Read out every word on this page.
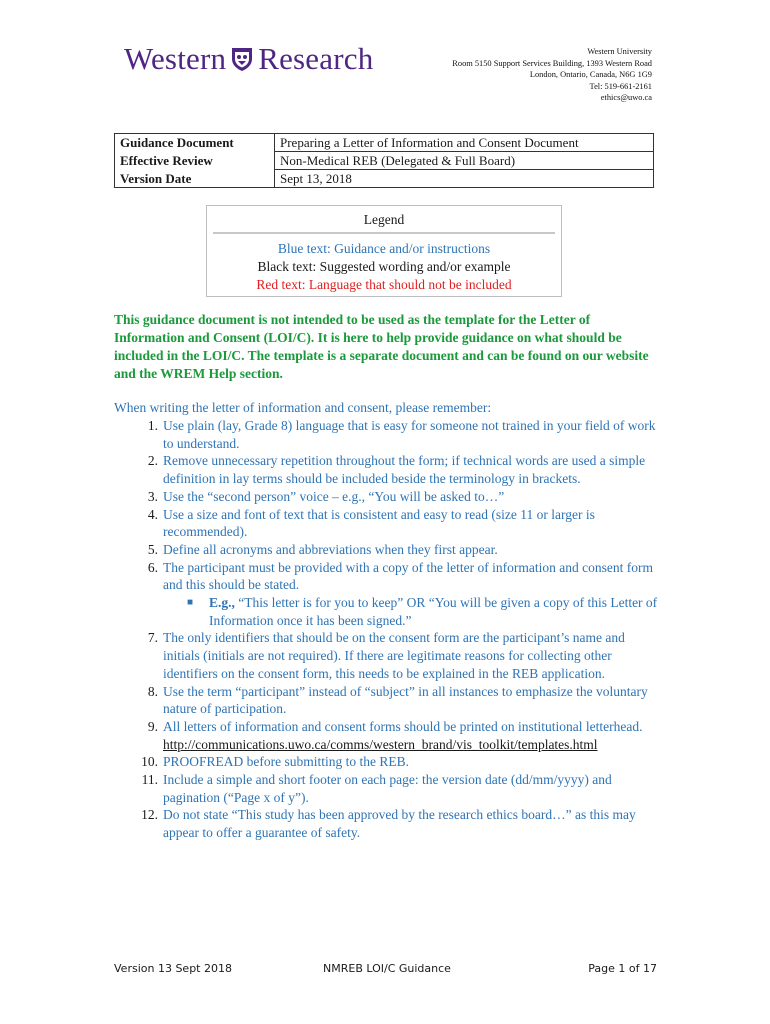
Western Research	Western University
Room 5150 Support Services Building, 1393 Western Road
London, Ontario, Canada, N6G 1G9
Tel: 519-661-2161
ethics@uwo.ca
Guidance Document	Preparing a Letter of Information and Consent Document
Effective Review	Non-Medical REB (Delegated & Full Board)
Version Date	Sept 13, 2018
Legend
Blue text: Guidance and/or instructions
Black text: Suggested wording and/or example
Red text: Language that should not be included
This guidance document is not intended to be used as the template for the Letter of Information and Consent (LOI/C). It is here to help provide guidance on what should be included in the LOI/C. The template is a separate document and can be found on our website and the WREM Help section.
When writing the letter of information and consent, please remember:
1. Use plain (lay, Grade 8) language that is easy for someone not trained in your field of work to understand.
2. Remove unnecessary repetition throughout the form; if technical words are used a simple definition in lay terms should be included beside the terminology in brackets.
3. Use the “second person” voice – e.g., “You will be asked to…”
4. Use a size and font of text that is consistent and easy to read (size 11 or larger is recommended).
5. Define all acronyms and abbreviations when they first appear.
6. The participant must be provided with a copy of the letter of information and consent form and this should be stated.
■ E.g., “This letter is for you to keep” OR “You will be given a copy of this Letter of Information once it has been signed.”
7. The only identifiers that should be on the consent form are the participant’s name and initials (initials are not required). If there are legitimate reasons for collecting other identifiers on the consent form, this needs to be explained in the REB application.
8. Use the term “participant” instead of “subject” in all instances to emphasize the voluntary nature of participation.
9. All letters of information and consent forms should be printed on institutional letterhead.
http://communications.uwo.ca/comms/western_brand/vis_toolkit/templates.html
10. PROOFREAD before submitting to the REB.
11. Include a simple and short footer on each page: the version date (dd/mm/yyyy) and pagination (“Page x of y”).
12. Do not state “This study has been approved by the research ethics board…” as this may appear to offer a guarantee of safety.
Version 13 Sept 2018	NMREB LOI/C Guidance	Page 1 of 17
